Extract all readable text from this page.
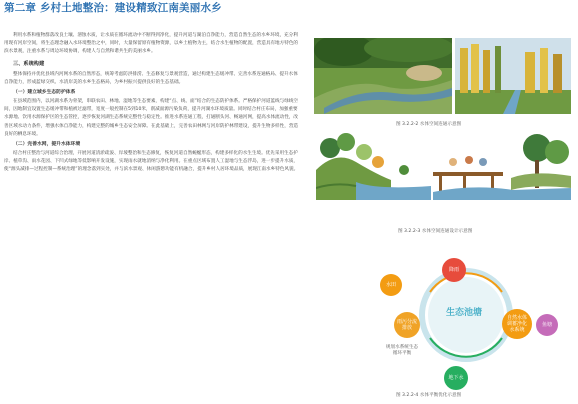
第二章 乡村土地整治：建设精致江南美丽水乡

利用水系和植物群落改良土壤、溶蚀水质，让水质在循环流动中不断得到净化，提升河道与湖泊自净能力，营造自然生态的水乡环境，充分利用现有河岸空间，将生态理念融入水环境整治之中，同时，大量保留原有植物资源，以乡土植物为主，结合水生植物的配置，营造具有地方特色的滨水景观，注重水系与周边环境协调，构建人与自然和谐共生的美丽水乡。

三、系统构建

整体保持并优化县域内河网水系的自然形态，统筹考虑防洪排涝、生态修复与景观营造，通过构建生态缓冲带、完善水系连通格局、提升水体自净能力，形成蓝绿交织、水清岸美的水乡生态格局，为乡村振兴提供良好的生态基础。

（一）建立城乡生态防护体系

在县域范围内，以河湖水系为骨架，串联农田、林地、湿地等生态要素，构建“点、线、面”结合的生态防护体系。严格保护河道蓝线与绿线空间，因地制宜设置生态缓冲带和植被过滤带，宽度一般控制在5到10米，削减面源污染负荷，提升河湖水环境质量。同时结合村庄布局，加强重要水源地、饮用水源保护区的生态管控，逐步恢复河湖生态系统完整性与稳定性。推进水系连通工程，打通断头河、畅通河网，提高水体流动性，改善区域水动力条件，增强水体自净能力，构建完整的城乡生态安全屏障。在此基础上，完善农田林网与河岸防护林带建设，提升生物多样性，营造良好的栖息环境。

（二）完善水网，提升水体环境

结合村庄整治与河道综合治理，开展河道清淤疏浚、岸坡整治和生态修复，恢复河道自然蜿蜒形态，构建多样化的水生生境。优先采用生态护岸、植草沟、雨水花园、下凹式绿地等低影响开发设施，实现雨水就地消纳与净化利用。在重点区域布置人工湿地与生态浮岛，进一步提升水质，使“源头减排—过程控制—系统治理”的理念落到实处，并与滨水景观、休闲游憩功能有机融合，提升乡村人居环境品质，展现江南水乡特色风貌。

图 3.2.2-2 水体空间连通示意图
图 3.2.2-3 水体空间连通设计示意图
生态池塘
降雨
水田
雨污分流
排放
自然水体
调蓄净化
水系统
鱼塘
地下水
规划水系统生态
循环平衡
图 3.2.2-4 水体平衡优化示意图
